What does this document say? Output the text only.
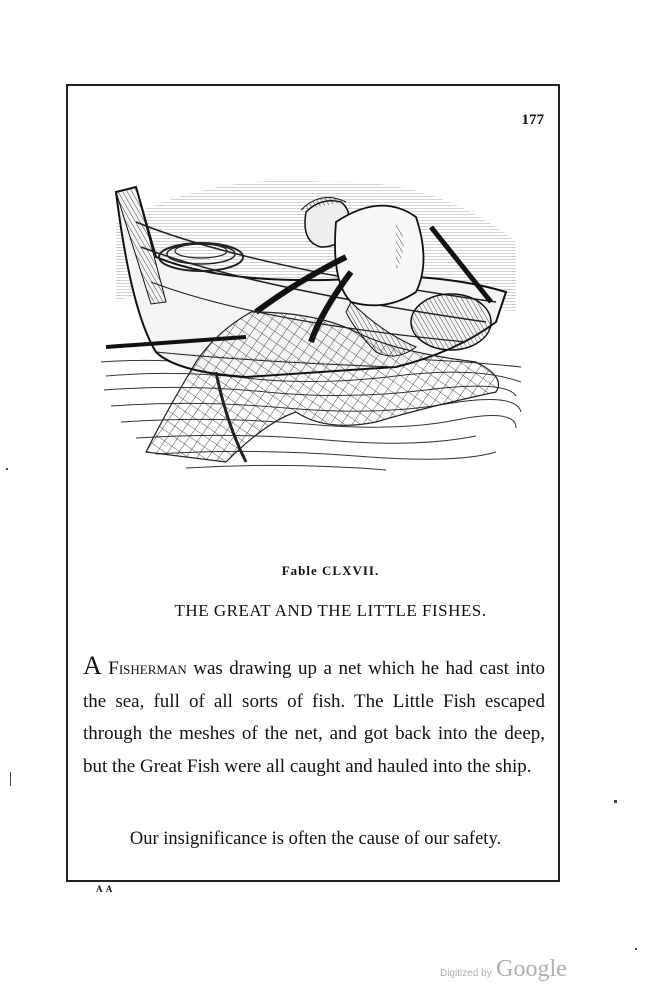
177
Fable CLXVII.
THE GREAT AND THE LITTLE FISHES.

A Fisherman was drawing up a net which he had cast into the sea, full of all sorts of fish. The Little Fish escaped through the meshes of the net, and got back into the deep, but the Great Fish were all caught and hauled into the ship.

Our insignificance is often the cause of our safety.
A A
Digitized by Google
